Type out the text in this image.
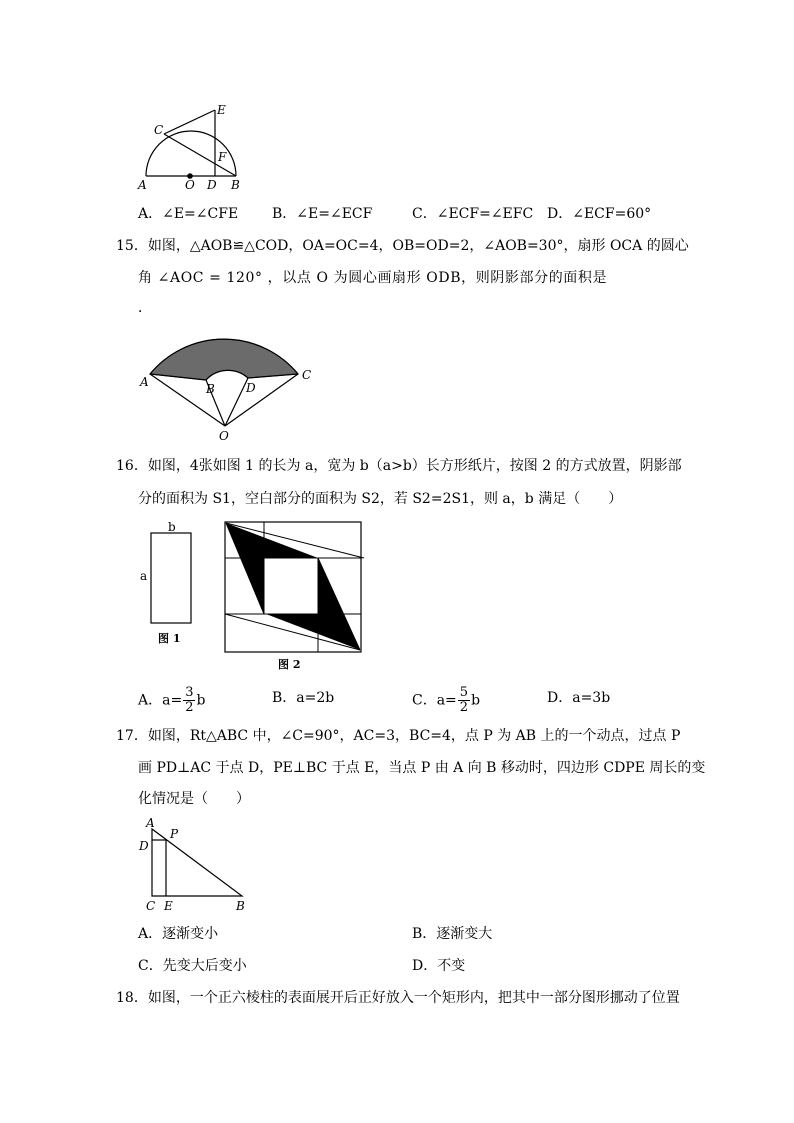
E
C
F
A	O D B
A．∠E=∠CFE B．∠E=∠ECF	C．∠ECF=∠EFC D．∠ECF=60°
15．如图，△AOB≌△COD，OA=OC=4，OB=OD=2，∠AOB=30°，扇形 OCA 的圆心
角 ∠AOC = 120° ，以点 O 为圆心画扇形 ODB，则阴影部分的面积是
．
A	B	D
C
O
16．如图，4张如图 1 的长为 a，宽为 b（a>b）长方形纸片，按图 2 的方式放置，阴影部
分的面积为 S1，空白部分的面积为 S2，若 S2=2S1，则 a，b 满足（　　）
b
a
图 1
图 2
A．$a= \frac{3}{2}$ b	B．a=2b	C．$a= \frac{5}{2}$ b	D．a=3b
17．如图，Rt△ABC 中，∠C=90°，AC=3，BC=4，点 P 为 AB 上的一个动点，过点 P
画 PD⊥AC 于点 D，PE⊥BC 于点 E，当点 P 由 A 向 B 移动时，四边形 CDPE 周长的变
化情况是（　　）
A
P
D
C E	B
A．逐渐变小	B．逐渐变大
C．先变大后变小	D．不变
18．如图，一个正六棱柱的表面展开后正好放入一个矩形内，把其中一部分图形挪动了位置
